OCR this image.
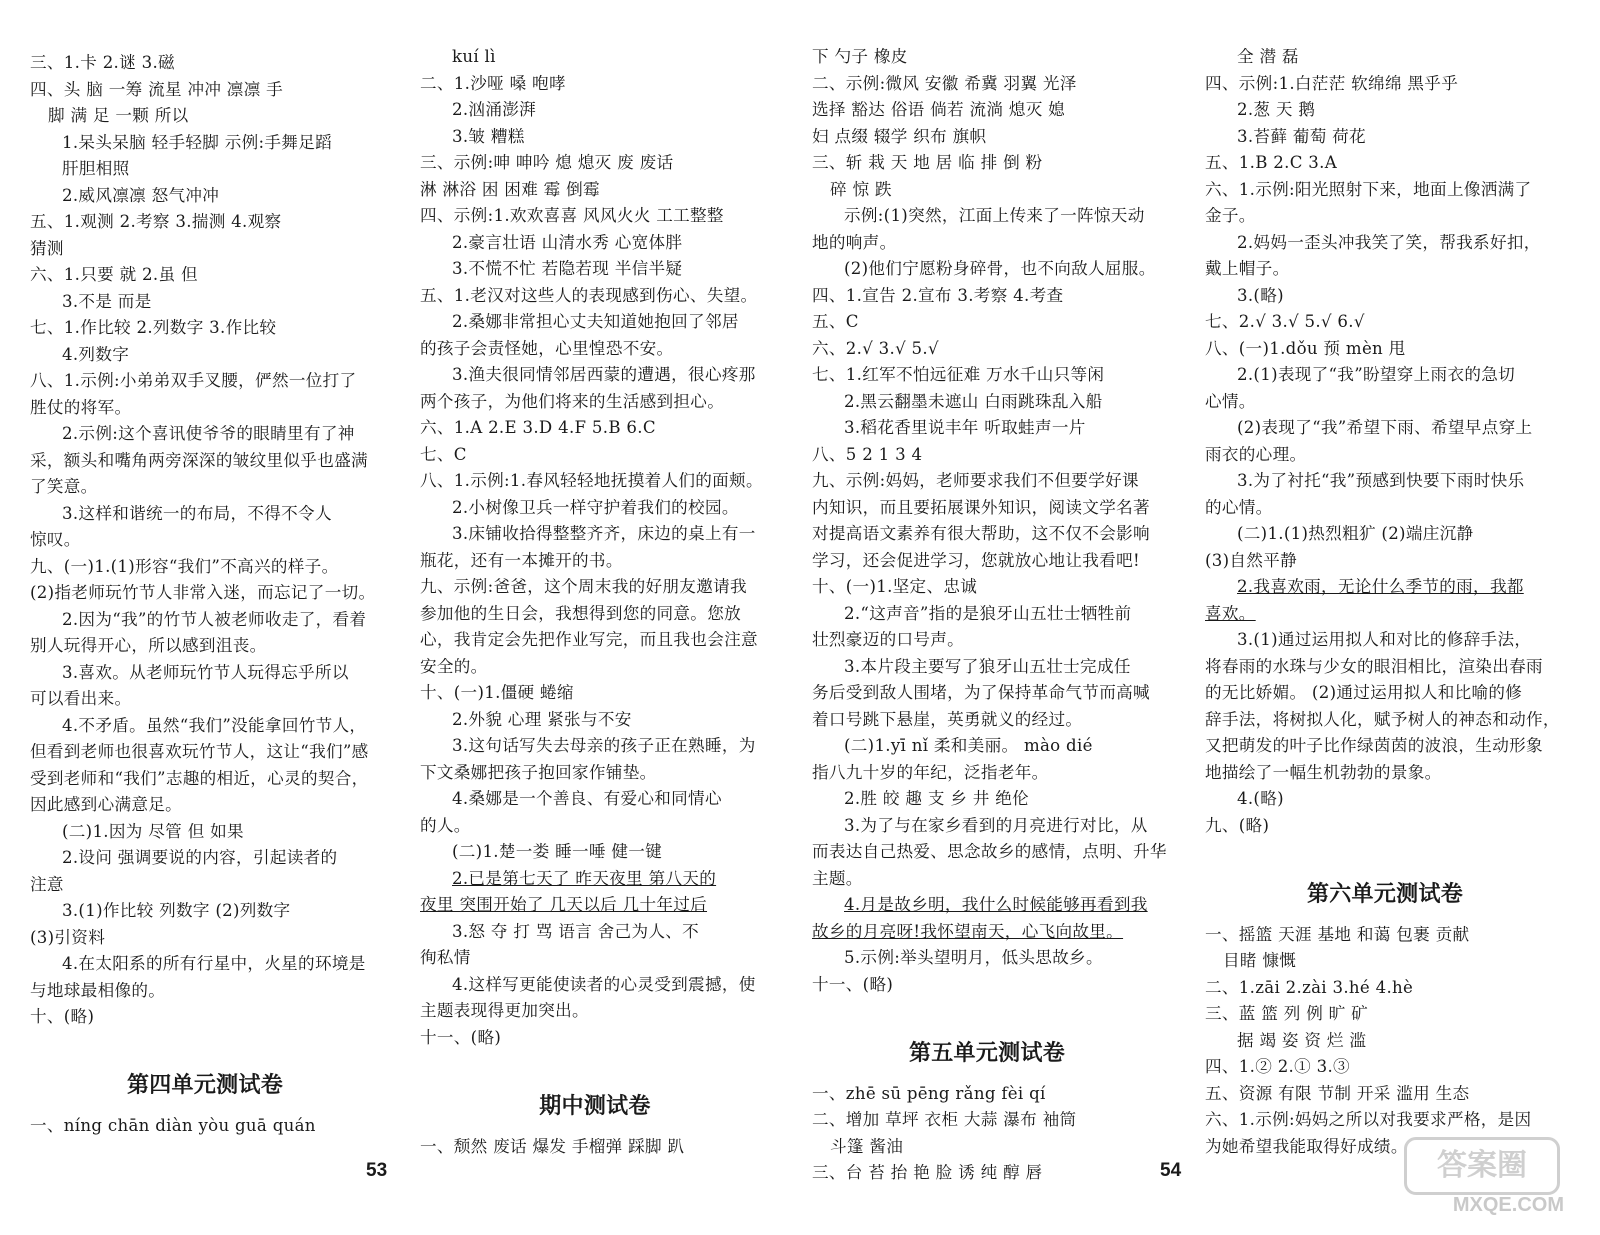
三、1.卡 2.谜 3.磁
四、头 脑 一筹 流星 冲冲 凛凛 手
脚 满 足 一颗 所以
1.呆头呆脑 轻手轻脚 示例:手舞足蹈
肝胆相照
2.威风凛凛 怒气冲冲
五、1.观测 2.考察 3.揣测 4.观察
猜测
六、1.只要 就 2.虽 但
3.不是 而是
七、1.作比较 2.列数字 3.作比较
4.列数字
八、1.示例:小弟弟双手叉腰，俨然一位打了
胜仗的将军。
2.示例:这个喜讯使爷爷的眼睛里有了神
采，额头和嘴角两旁深深的皱纹里似乎也盛满
了笑意。
3.这样和谐统一的布局，不得不令人
惊叹。
九、(一)1.(1)形容“我们”不高兴的样子。
(2)指老师玩竹节人非常入迷，而忘记了一切。
2.因为“我”的竹节人被老师收走了，看着
别人玩得开心，所以感到沮丧。
3.喜欢。从老师玩竹节人玩得忘乎所以
可以看出来。
4.不矛盾。虽然“我们”没能拿回竹节人，
但看到老师也很喜欢玩竹节人，这让“我们”感
受到老师和“我们”志趣的相近，心灵的契合，
因此感到心满意足。
(二)1.因为 尽管 但 如果
2.设问 强调要说的内容，引起读者的
注意
3.(1)作比较 列数字 (2)列数字
(3)引资料
4.在太阳系的所有行星中，火星的环境是
与地球最相像的。
十、(略)
第四单元测试卷
一、níng chān diàn yòu guā quán
kuí lì
二、1.沙哑 嗓 咆哮
2.汹涌澎湃
3.皱 糟糕
三、示例:呻 呻吟 熄 熄灭 废 废话
淋 淋浴 困 困难 霉 倒霉
四、示例:1.欢欢喜喜 风风火火 工工整整
2.豪言壮语 山清水秀 心宽体胖
3.不慌不忙 若隐若现 半信半疑
五、1.老汉对这些人的表现感到伤心、失望。
2.桑娜非常担心丈夫知道她抱回了邻居
的孩子会责怪她，心里惶恐不安。
3.渔夫很同情邻居西蒙的遭遇，很心疼那
两个孩子，为他们将来的生活感到担心。
六、1.A 2.E 3.D 4.F 5.B 6.C
七、C
八、1.示例:1.春风轻轻地抚摸着人们的面颊。
2.小树像卫兵一样守护着我们的校园。
3.床铺收拾得整整齐齐，床边的桌上有一
瓶花，还有一本摊开的书。
九、示例:爸爸，这个周末我的好朋友邀请我
参加他的生日会，我想得到您的同意。您放
心，我肯定会先把作业写完，而且我也会注意
安全的。
十、(一)1.僵硬 蜷缩
2.外貌 心理 紧张与不安
3.这句话写失去母亲的孩子正在熟睡，为
下文桑娜把孩子抱回家作铺垫。
4.桑娜是一个善良、有爱心和同情心
的人。
(二)1.楚一娄 睡一唾 健一键
2.已是第七天了 昨天夜里 第八天的
夜里 突围开始了 几天以后 几十年过后
3.怒 夺 打 骂 语言 舍己为人、不
徇私情
4.这样写更能使读者的心灵受到震撼，使
主题表现得更加突出。
十一、(略)
期中测试卷
一、颓然 废话 爆发 手榴弹 踩脚 趴
下 勺子 橡皮
二、示例:微风 安徽 希冀 羽翼 光泽
选择 豁达 俗语 倘若 流淌 熄灭 媳
妇 点缀 辍学 织布 旗帜
三、斩 栽 天 地 居 临 排 倒 粉
碎 惊 跌
示例:(1)突然，江面上传来了一阵惊天动
地的响声。
(2)他们宁愿粉身碎骨，也不向敌人屈服。
四、1.宣告 2.宣布 3.考察 4.考查
五、C
六、2.√ 3.√ 5.√
七、1.红军不怕远征难 万水千山只等闲
2.黑云翻墨未遮山 白雨跳珠乱入船
3.稻花香里说丰年 听取蛙声一片
八、5 2 1 3 4
九、示例:妈妈，老师要求我们不但要学好课
内知识，而且要拓展课外知识，阅读文学名著
对提高语文素养有很大帮助，这不仅不会影响
学习，还会促进学习，您就放心地让我看吧!
十、(一)1.坚定、忠诚
2.“这声音”指的是狼牙山五壮士牺牲前
壮烈豪迈的口号声。
3.本片段主要写了狼牙山五壮士完成任
务后受到敌人围堵，为了保持革命气节而高喊
着口号跳下悬崖，英勇就义的经过。
(二)1.yī nǐ 柔和美丽。 mào dié
指八九十岁的年纪，泛指老年。
2.胜 皎 趣 支 乡 井 绝伦
3.为了与在家乡看到的月亮进行对比，从
而表达自己热爱、思念故乡的感情，点明、升华
主题。
4.月是故乡明，我什么时候能够再看到我
故乡的月亮呀!我怀望南天，心飞向故里。
5.示例:举头望明月，低头思故乡。
十一、(略)
第五单元测试卷
一、zhē sū pēng rǎng fèi qí
二、增加 草坪 衣柜 大蒜 瀑布 袖筒
斗篷 酱油
三、台 苔 抬 艳 脸 诱 纯 醇 唇
全 潜 磊
四、示例:1.白茫茫 软绵绵 黑乎乎
2.葱 天 鹅
3.苔藓 葡萄 荷花
五、1.B 2.C 3.A
六、1.示例:阳光照射下来，地面上像洒满了
金子。
2.妈妈一歪头冲我笑了笑，帮我系好扣，
戴上帽子。
3.(略)
七、2.√ 3.√ 5.√ 6.√
八、(一)1.dǒu 预 mèn 甩
2.(1)表现了“我”盼望穿上雨衣的急切
心情。
(2)表现了“我”希望下雨、希望早点穿上
雨衣的心理。
3.为了衬托“我”预感到快要下雨时快乐
的心情。
(二)1.(1)热烈粗犷 (2)端庄沉静
(3)自然平静
2.我喜欢雨，无论什么季节的雨，我都
喜欢。
3.(1)通过运用拟人和对比的修辞手法，
将春雨的水珠与少女的眼泪相比，渲染出春雨
的无比娇媚。 (2)通过运用拟人和比喻的修
辞手法，将树拟人化，赋予树人的神态和动作，
又把萌发的叶子比作绿茵茵的波浪，生动形象
地描绘了一幅生机勃勃的景象。
4.(略)
九、(略)
第六单元测试卷
一、摇篮 天涯 基地 和蔼 包裹 贡献
目睹 慷慨
二、1.zāi 2.zài 3.hé 4.hè
三、蓝 篮 列 例 旷 矿
据 竭 姿 资 烂 滥
四、1.② 2.① 3.③
五、资源 有限 节制 开采 滥用 生态
六、1.示例:妈妈之所以对我要求严格，是因
为她希望我能取得好成绩。
53	54	答案圈
MXQE.COM
